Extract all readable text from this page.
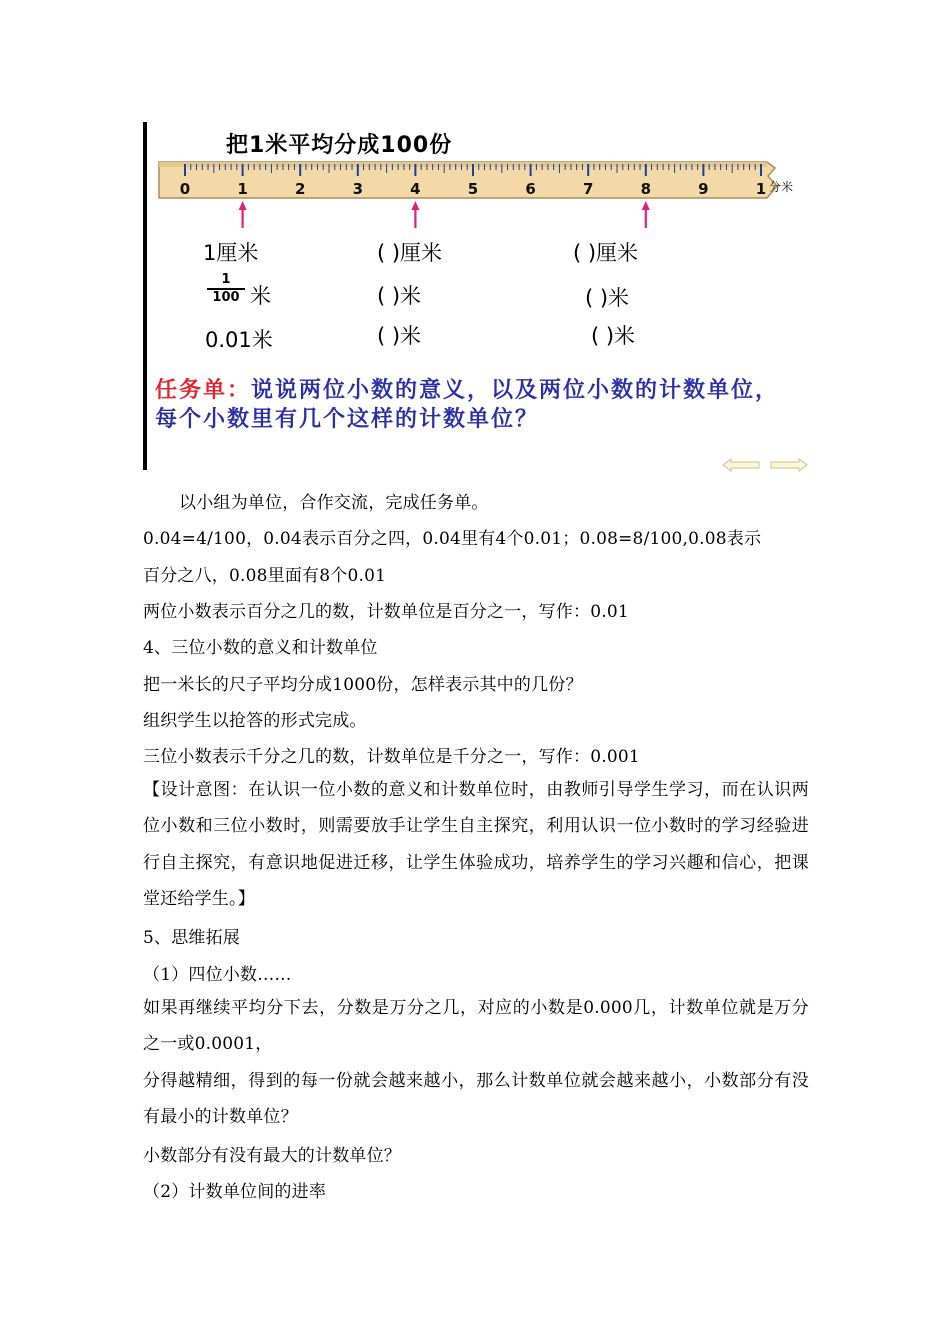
把1米平均分成100份
0	1	2	3	4	5	6	7	8	9	1 分米
1厘米	( )厘米	( )厘米
1
100 米	( )米	( )米
0.01米	( )米	( )米
任务单：说说两位小数的意义，以及两位小数的计数单位，每个小数里有几个这样的计数单位？
以小组为单位，合作交流，完成任务单。
0.04=4/100，0.04表示百分之四，0.04里有4个0.01；0.08=8/100,0.08表示
百分之八，0.08里面有8个0.01
两位小数表示百分之几的数，计数单位是百分之一，写作：0.01
4、三位小数的意义和计数单位
把一米长的尺子平均分成1000份，怎样表示其中的几份？
组织学生以抢答的形式完成。
三位小数表示千分之几的数，计数单位是千分之一，写作：0.001
【设计意图：在认识一位小数的意义和计数单位时，由教师引导学生学习，而在认识两位小数和三位小数时，则需要放手让学生自主探究，利用认识一位小数时的学习经验进行自主探究，有意识地促进迁移，让学生体验成功，培养学生的学习兴趣和信心，把课堂还给学生。】
5、思维拓展
（1）四位小数……
如果再继续平均分下去，分数是万分之几，对应的小数是0.000几，计数单位就是万分之一或0.0001，
分得越精细，得到的每一份就会越来越小，那么计数单位就会越来越小，小数部分有没有最小的计数单位？
小数部分有没有最大的计数单位？
（2）计数单位间的进率
